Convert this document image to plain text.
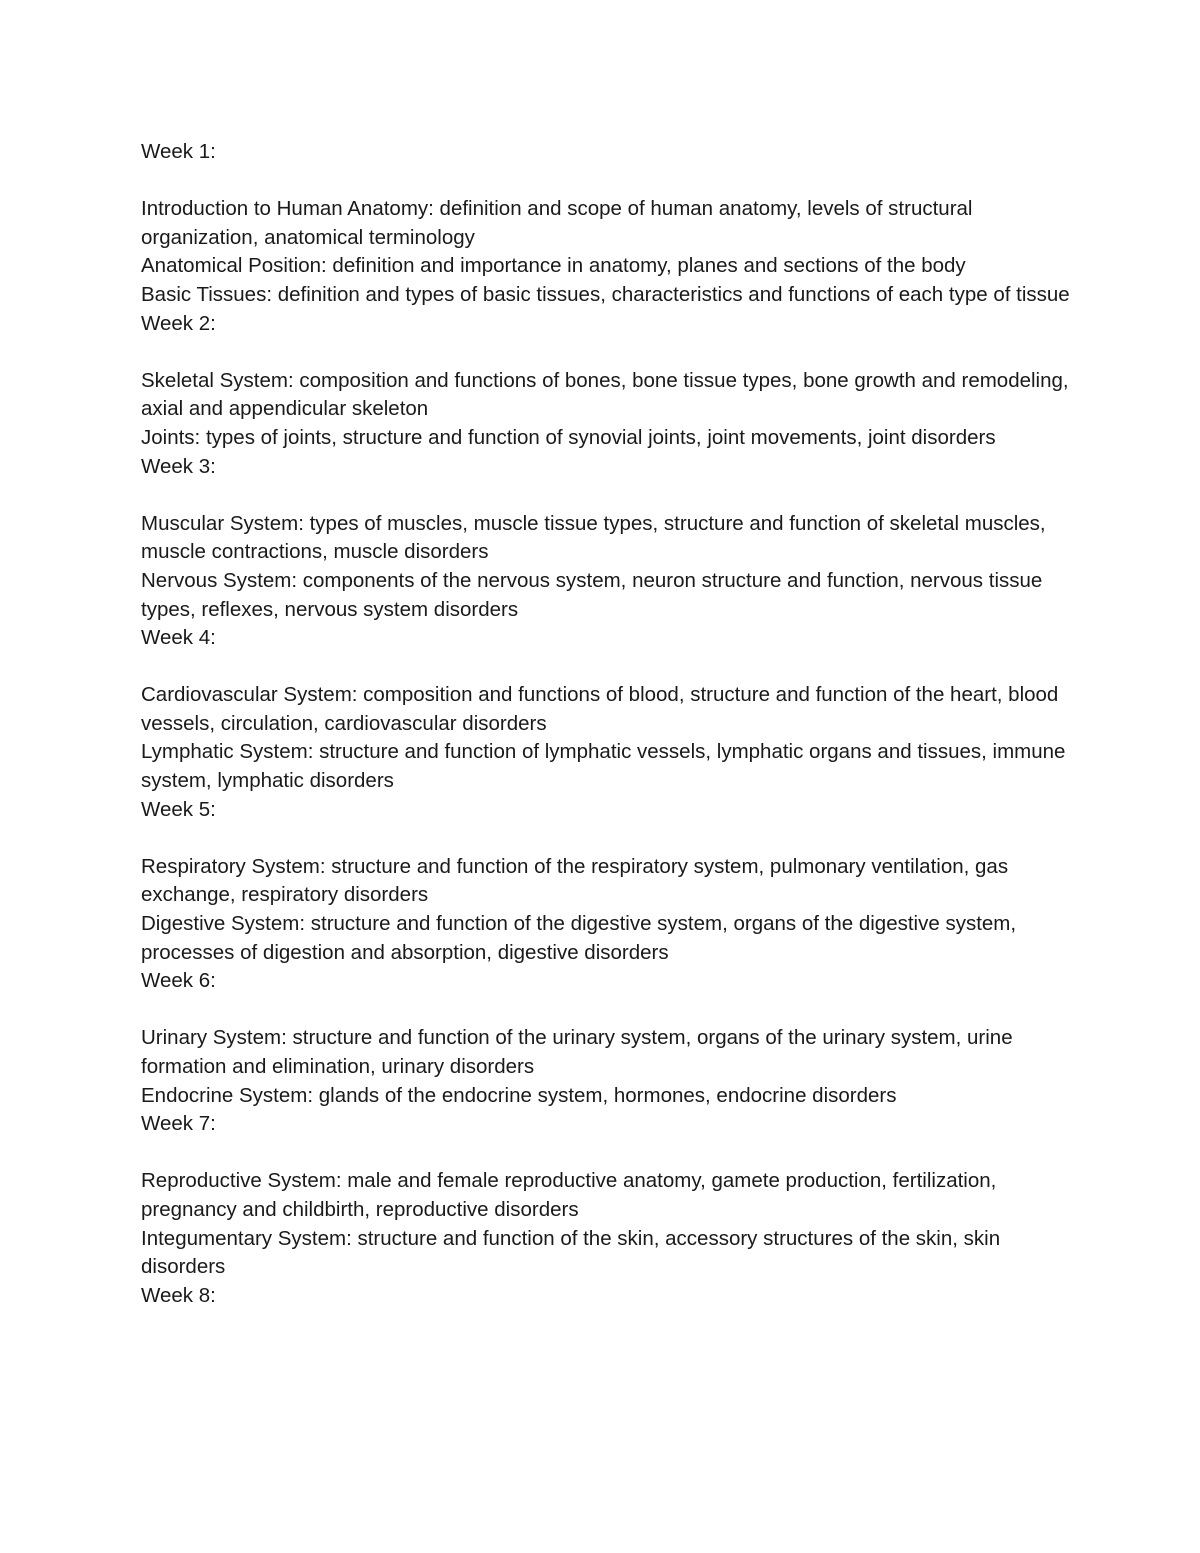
Week 1:

Introduction to Human Anatomy: definition and scope of human anatomy, levels of structural organization, anatomical terminology

Anatomical Position: definition and importance in anatomy, planes and sections of the body

Basic Tissues: definition and types of basic tissues, characteristics and functions of each type of tissue

Week 2:

Skeletal System: composition and functions of bones, bone tissue types, bone growth and remodeling, axial and appendicular skeleton

Joints: types of joints, structure and function of synovial joints, joint movements, joint disorders

Week 3:

Muscular System: types of muscles, muscle tissue types, structure and function of skeletal muscles, muscle contractions, muscle disorders

Nervous System: components of the nervous system, neuron structure and function, nervous tissue types, reflexes, nervous system disorders

Week 4:

Cardiovascular System: composition and functions of blood, structure and function of the heart, blood vessels, circulation, cardiovascular disorders

Lymphatic System: structure and function of lymphatic vessels, lymphatic organs and tissues, immune system, lymphatic disorders

Week 5:

Respiratory System: structure and function of the respiratory system, pulmonary ventilation, gas exchange, respiratory disorders

Digestive System: structure and function of the digestive system, organs of the digestive system, processes of digestion and absorption, digestive disorders

Week 6:

Urinary System: structure and function of the urinary system, organs of the urinary system, urine formation and elimination, urinary disorders

Endocrine System: glands of the endocrine system, hormones, endocrine disorders

Week 7:

Reproductive System: male and female reproductive anatomy, gamete production, fertilization, pregnancy and childbirth, reproductive disorders

Integumentary System: structure and function of the skin, accessory structures of the skin, skin disorders

Week 8:
